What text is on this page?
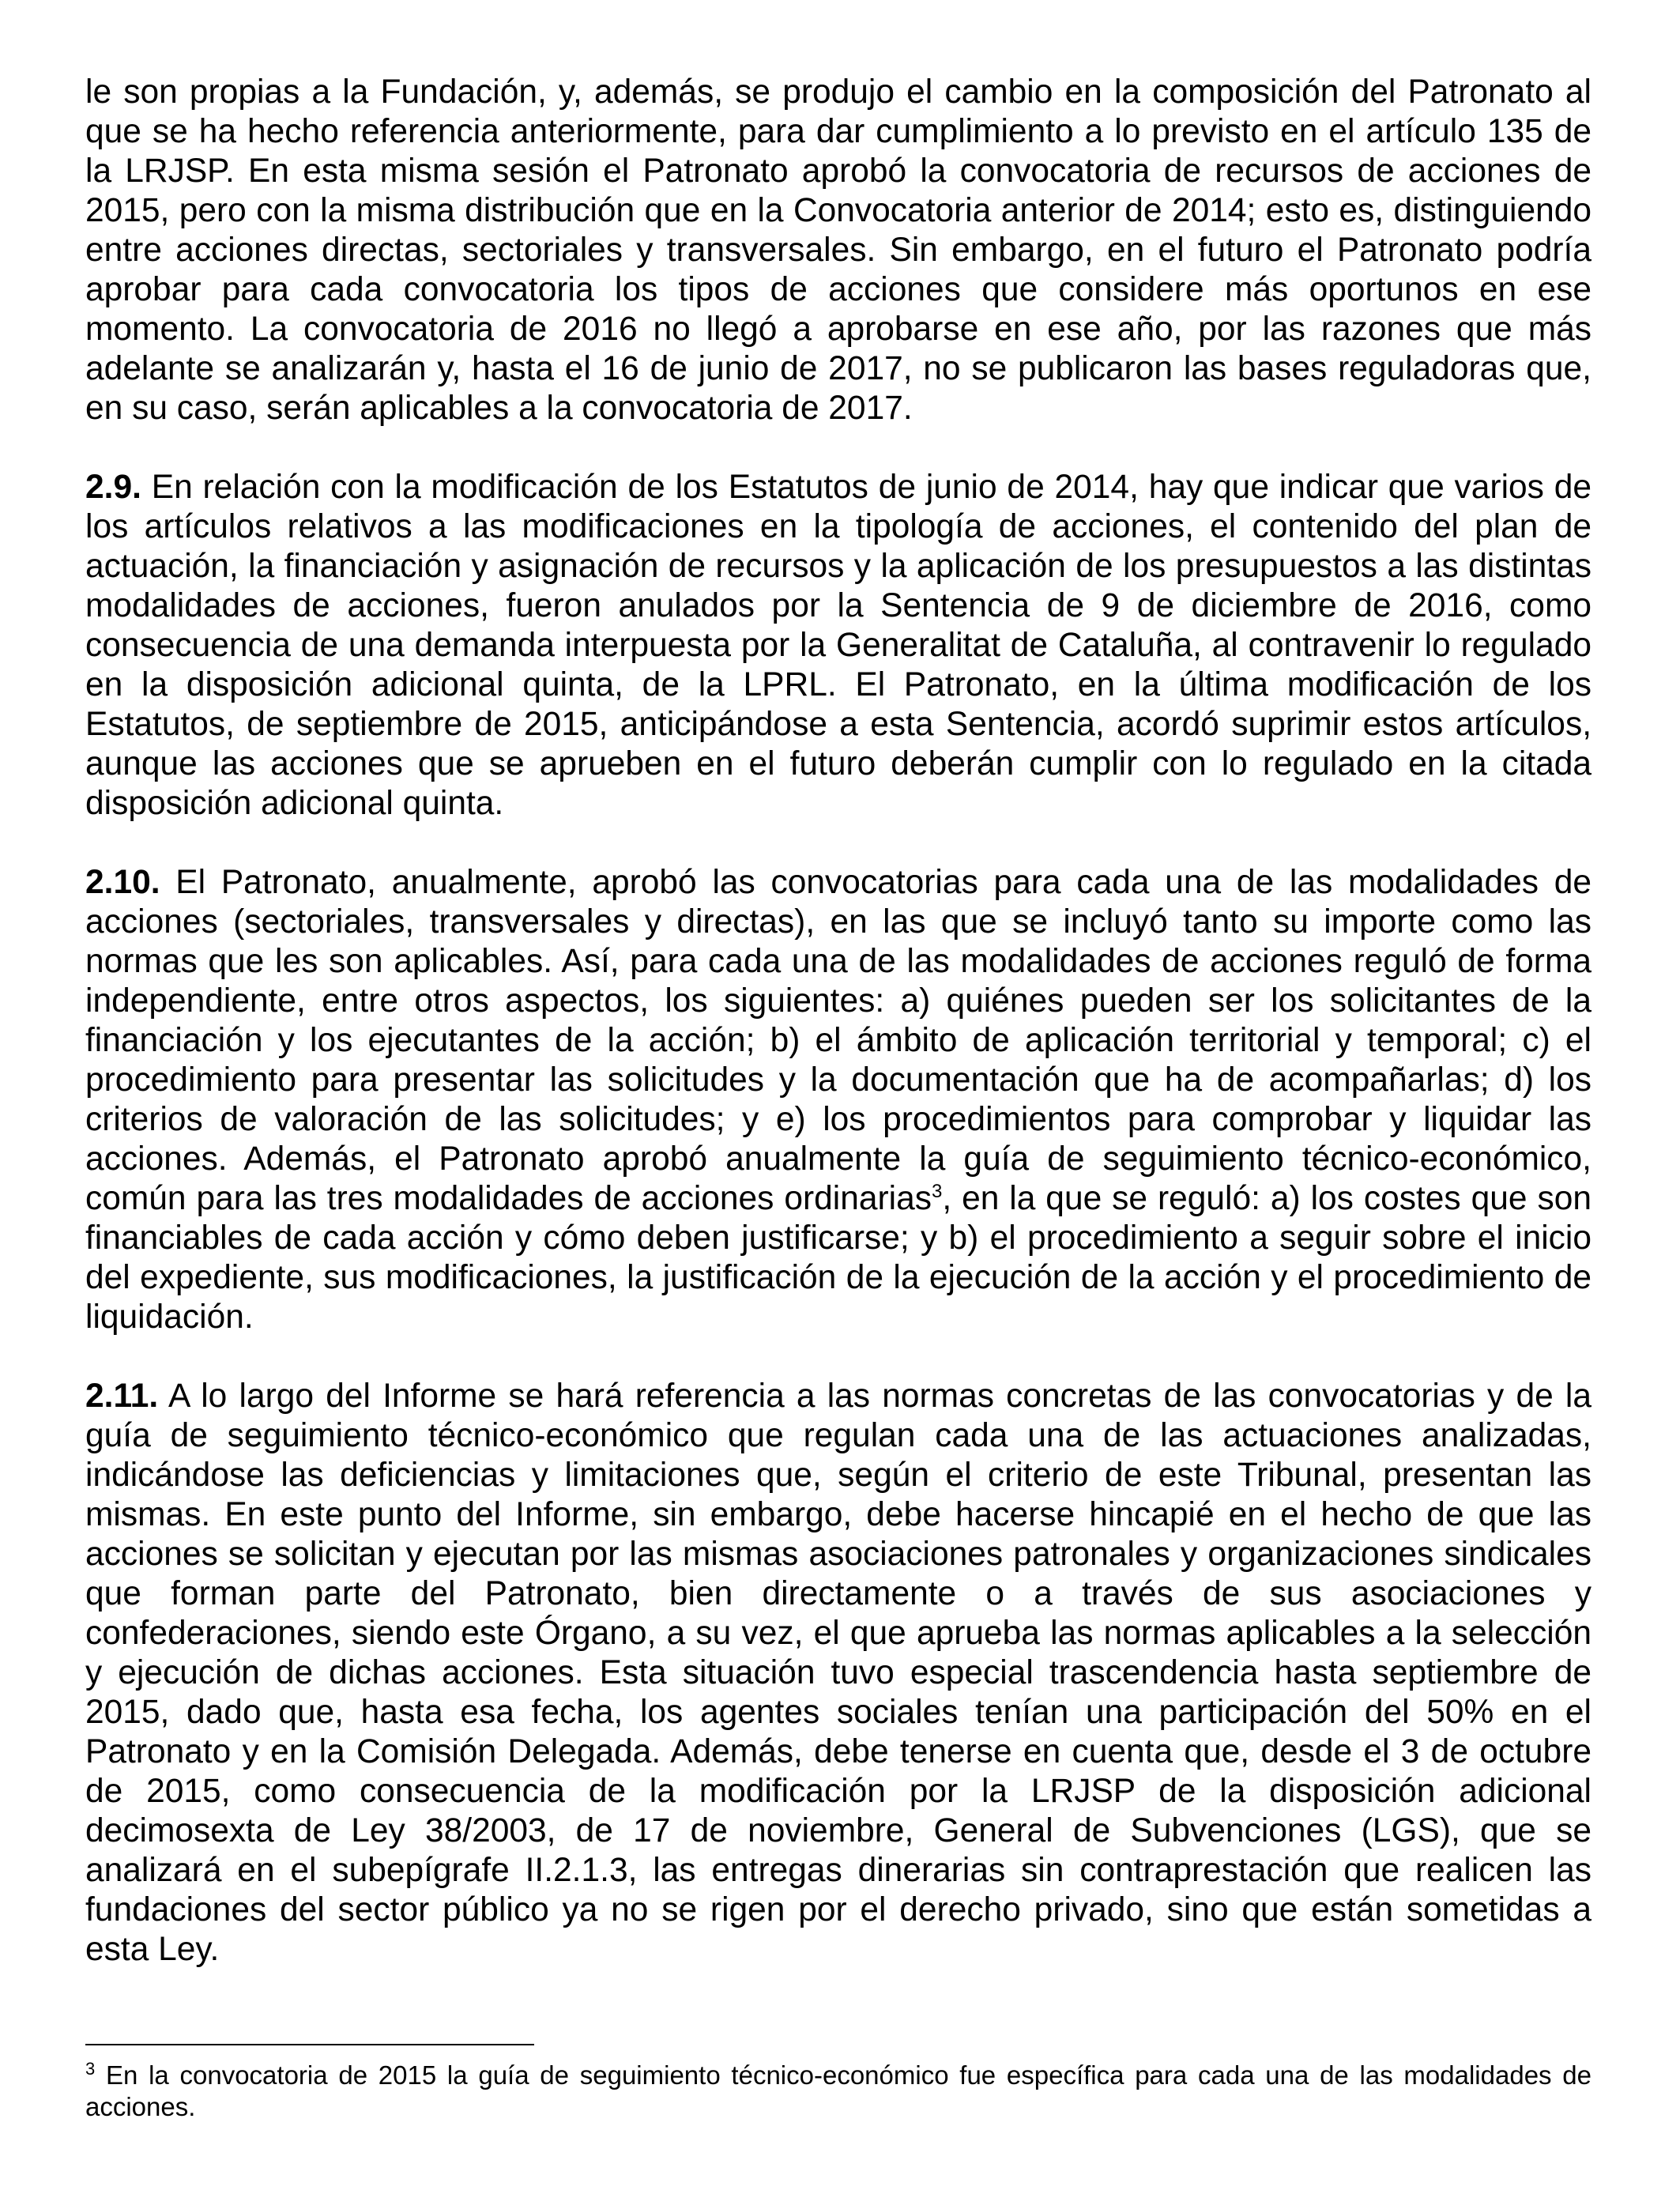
le son propias a la Fundación, y, además, se produjo el cambio en la composición del Patronato al que se ha hecho referencia anteriormente, para dar cumplimiento a lo previsto en el artículo 135 de la LRJSP. En esta misma sesión el Patronato aprobó la convocatoria de recursos de acciones de 2015, pero con la misma distribución que en la Convocatoria anterior de 2014; esto es, distinguiendo entre acciones directas, sectoriales y transversales. Sin embargo, en el futuro el Patronato podría aprobar para cada convocatoria los tipos de acciones que considere más oportunos en ese momento. La convocatoria de 2016 no llegó a aprobarse en ese año, por las razones que más adelante se analizarán y, hasta el 16 de junio de 2017, no se publicaron las bases reguladoras que, en su caso, serán aplicables a la convocatoria de 2017.

2.9. En relación con la modificación de los Estatutos de junio de 2014, hay que indicar que varios de los artículos relativos a las modificaciones en la tipología de acciones, el contenido del plan de actuación, la financiación y asignación de recursos y la aplicación de los presupuestos a las distintas modalidades de acciones, fueron anulados por la Sentencia de 9 de diciembre de 2016, como consecuencia de una demanda interpuesta por la Generalitat de Cataluña, al contravenir lo regulado en la disposición adicional quinta, de la LPRL. El Patronato, en la última modificación de los Estatutos, de septiembre de 2015, anticipándose a esta Sentencia, acordó suprimir estos artículos, aunque las acciones que se aprueben en el futuro deberán cumplir con lo regulado en la citada disposición adicional quinta.

2.10. El Patronato, anualmente, aprobó las convocatorias para cada una de las modalidades de acciones (sectoriales, transversales y directas), en las que se incluyó tanto su importe como las normas que les son aplicables. Así, para cada una de las modalidades de acciones reguló de forma independiente, entre otros aspectos, los siguientes: a) quiénes pueden ser los solicitantes de la financiación y los ejecutantes de la acción; b) el ámbito de aplicación territorial y temporal; c) el procedimiento para presentar las solicitudes y la documentación que ha de acompañarlas; d) los criterios de valoración de las solicitudes; y e) los procedimientos para comprobar y liquidar las acciones. Además, el Patronato aprobó anualmente la guía de seguimiento técnico-económico, común para las tres modalidades de acciones ordinarias$^3$, en la que se reguló: a) los costes que son financiables de cada acción y cómo deben justificarse; y b) el procedimiento a seguir sobre el inicio del expediente, sus modificaciones, la justificación de la ejecución de la acción y el procedimiento de liquidación.

2.11. A lo largo del Informe se hará referencia a las normas concretas de las convocatorias y de la guía de seguimiento técnico-económico que regulan cada una de las actuaciones analizadas, indicándose las deficiencias y limitaciones que, según el criterio de este Tribunal, presentan las mismas. En este punto del Informe, sin embargo, debe hacerse hincapié en el hecho de que las acciones se solicitan y ejecutan por las mismas asociaciones patronales y organizaciones sindicales que forman parte del Patronato, bien directamente o a través de sus asociaciones y confederaciones, siendo este Órgano, a su vez, el que aprueba las normas aplicables a la selección y ejecución de dichas acciones. Esta situación tuvo especial trascendencia hasta septiembre de 2015, dado que, hasta esa fecha, los agentes sociales tenían una participación del 50% en el Patronato y en la Comisión Delegada. Además, debe tenerse en cuenta que, desde el 3 de octubre de 2015, como consecuencia de la modificación por la LRJSP de la disposición adicional decimosexta de Ley 38/2003, de 17 de noviembre, General de Subvenciones (LGS), que se analizará en el subepígrafe II.2.1.3, las entregas dinerarias sin contraprestación que realicen las fundaciones del sector público ya no se rigen por el derecho privado, sino que están sometidas a esta Ley.

$^3$ En la convocatoria de 2015 la guía de seguimiento técnico-económico fue específica para cada una de las modalidades de acciones.
